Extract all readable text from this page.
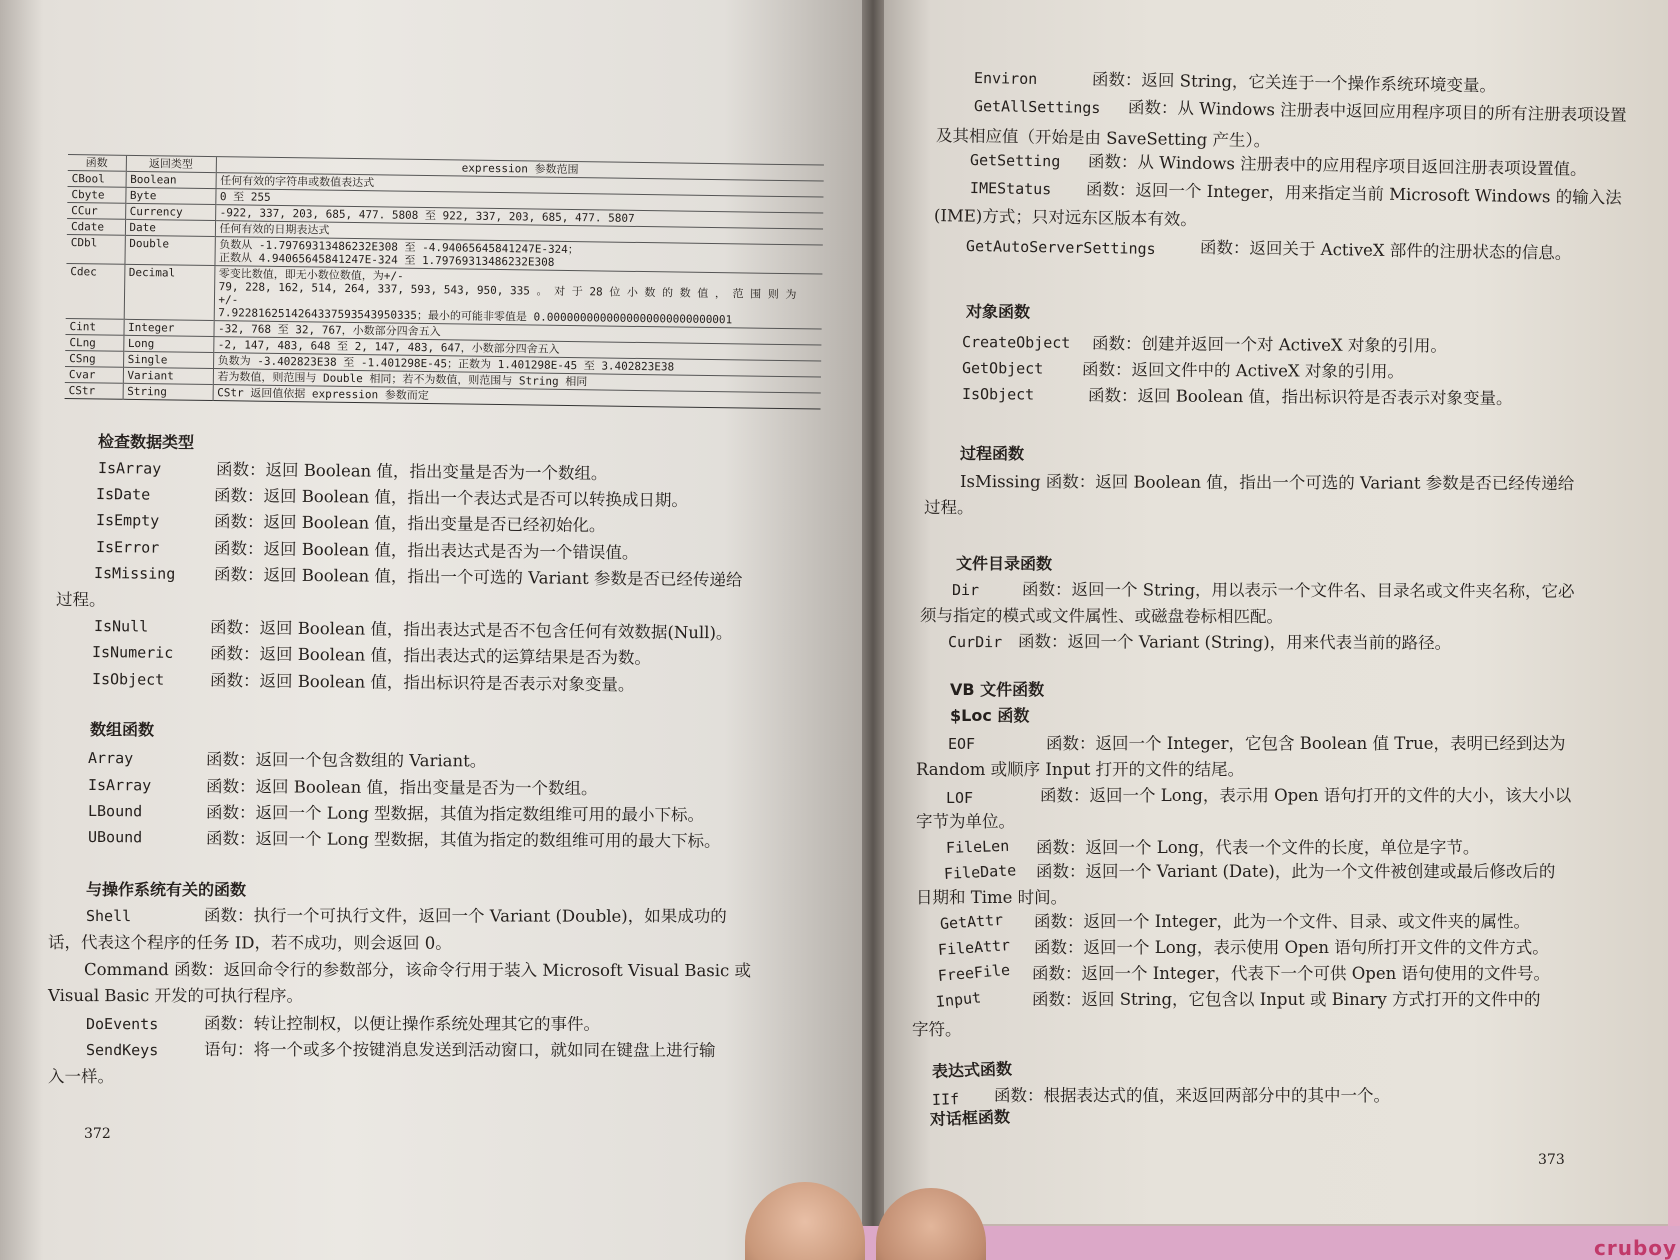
函数	返回类型	expression 参数范围
CBool	Boolean	任何有效的字符串或数值表达式
Cbyte	Byte	0 至 255
CCur	Currency	-922, 337, 203, 685, 477. 5808 至 922, 337, 203, 685, 477. 5807
Cdate	Date	任何有效的日期表达式
CDbl	Double	负数从 -1.79769313486232E308 至 -4.94065645841247E-324；
正数从 4.94065645841247E-324 至 1.79769313486232E308
Cdec	Decimal	零变比数值，即无小数位数值，为+/-
79, 228, 162, 514, 264, 337, 593, 543, 950, 335 。 对 于 28 位 小 数 的 数 值 ， 范 围 则 为 +/-
7.9228162514264337593543950335；最小的可能非零值是 0.0000000000000000000000000001
Cint	Integer	-32, 768 至 32, 767，小数部分四舍五入
CLng	Long	-2, 147, 483, 648 至 2, 147, 483, 647，小数部分四舍五入
CSng	Single	负数为 -3.402823E38 至 -1.401298E-45；正数为 1.401298E-45 至 3.402823E38
Cvar	Variant	若为数值，则范围与 Double 相同；若不为数值，则范围与 String 相同
CStr	String	CStr 返回值依据 expression 参数而定
检查数据类型
IsArray	函数：返回 Boolean 值，指出变量是否为一个数组。
IsDate	函数：返回 Boolean 值，指出一个表达式是否可以转换成日期。
IsEmpty	函数：返回 Boolean 值，指出变量是否已经初始化。
IsError	函数：返回 Boolean 值，指出表达式是否为一个错误值。
IsMissing 函数：返回 Boolean 值，指出一个可选的 Variant 参数是否已经传递给
过程。
IsNull	函数：返回 Boolean 值，指出表达式是否不包含任何有效数据(Null)。
IsNumeric 函数：返回 Boolean 值，指出表达式的运算结果是否为数。
IsObject	函数：返回 Boolean 值，指出标识符是否表示对象变量。
数组函数
Array	函数：返回一个包含数组的 Variant。
IsArray	函数：返回 Boolean 值，指出变量是否为一个数组。
LBound	函数：返回一个 Long 型数据，其值为指定数组维可用的最小下标。
UBound	函数：返回一个 Long 型数据，其值为指定的数组维可用的最大下标。
与操作系统有关的函数
Shell	函数：执行一个可执行文件，返回一个 Variant (Double)，如果成功的
话，代表这个程序的任务 ID，若不成功，则会返回 0。
Command 函数：返回命令行的参数部分，该命令行用于装入 Microsoft Visual Basic 或
Visual Basic 开发的可执行程序。
DoEvents	函数：转让控制权，以便让操作系统处理其它的事件。
SendKeys	语句：将一个或多个按键消息发送到活动窗口，就如同在键盘上进行输
入一样。
Environ	函数：返回 String，它关连于一个操作系统环境变量。
GetAllSettings 函数：从 Windows 注册表中返回应用程序项目的所有注册表项设置
及其相应值（开始是由 SaveSetting 产生）。
GetSetting 函数：从 Windows 注册表中的应用程序项目返回注册表项设置值。
IMEStatus 函数：返回一个 Integer，用来指定当前 Microsoft Windows 的输入法
(IME)方式；只对远东区版本有效。
GetAutoServerSettings	函数：返回关于 ActiveX 部件的注册状态的信息。
对象函数
CreateObject 函数：创建并返回一个对 ActiveX 对象的引用。
GetObject 函数：返回文件中的 ActiveX 对象的引用。
IsObject	函数：返回 Boolean 值，指出标识符是否表示对象变量。
过程函数
IsMissing 函数：返回 Boolean 值，指出一个可选的 Variant 参数是否已经传递给
过程。
文件目录函数
Dir	函数：返回一个 String，用以表示一个文件名、目录名或文件夹名称，它必
须与指定的模式或文件属性、或磁盘卷标相匹配。
CurDir 函数：返回一个 Variant (String)，用来代表当前的路径。
VB 文件函数
$Loc 函数
EOF	函数：返回一个 Integer，它包含 Boolean 值 True，表明已经到达为
Random 或顺序 Input 打开的文件的结尾。
LOF	函数：返回一个 Long，表示用 Open 语句打开的文件的大小，该大小以
字节为单位。
FileLen 函数：返回一个 Long，代表一个文件的长度，单位是字节。
FileDate 函数：返回一个 Variant (Date)，此为一个文件被创建或最后修改后的
日期和 Time 时间。
GetAttr 函数：返回一个 Integer，此为一个文件、目录、或文件夹的属性。
FileAttr 函数：返回一个 Long，表示使用 Open 语句所打开文件的文件方式。
FreeFile 函数：返回一个 Integer，代表下一个可供 Open 语句使用的文件号。
Input	函数：返回 String，它包含以 Input 或 Binary 方式打开的文件中的
字符。
表达式函数
IIf 函数：根据表达式的值，来返回两部分中的其中一个。
对话框函数
372
373
cruboy
